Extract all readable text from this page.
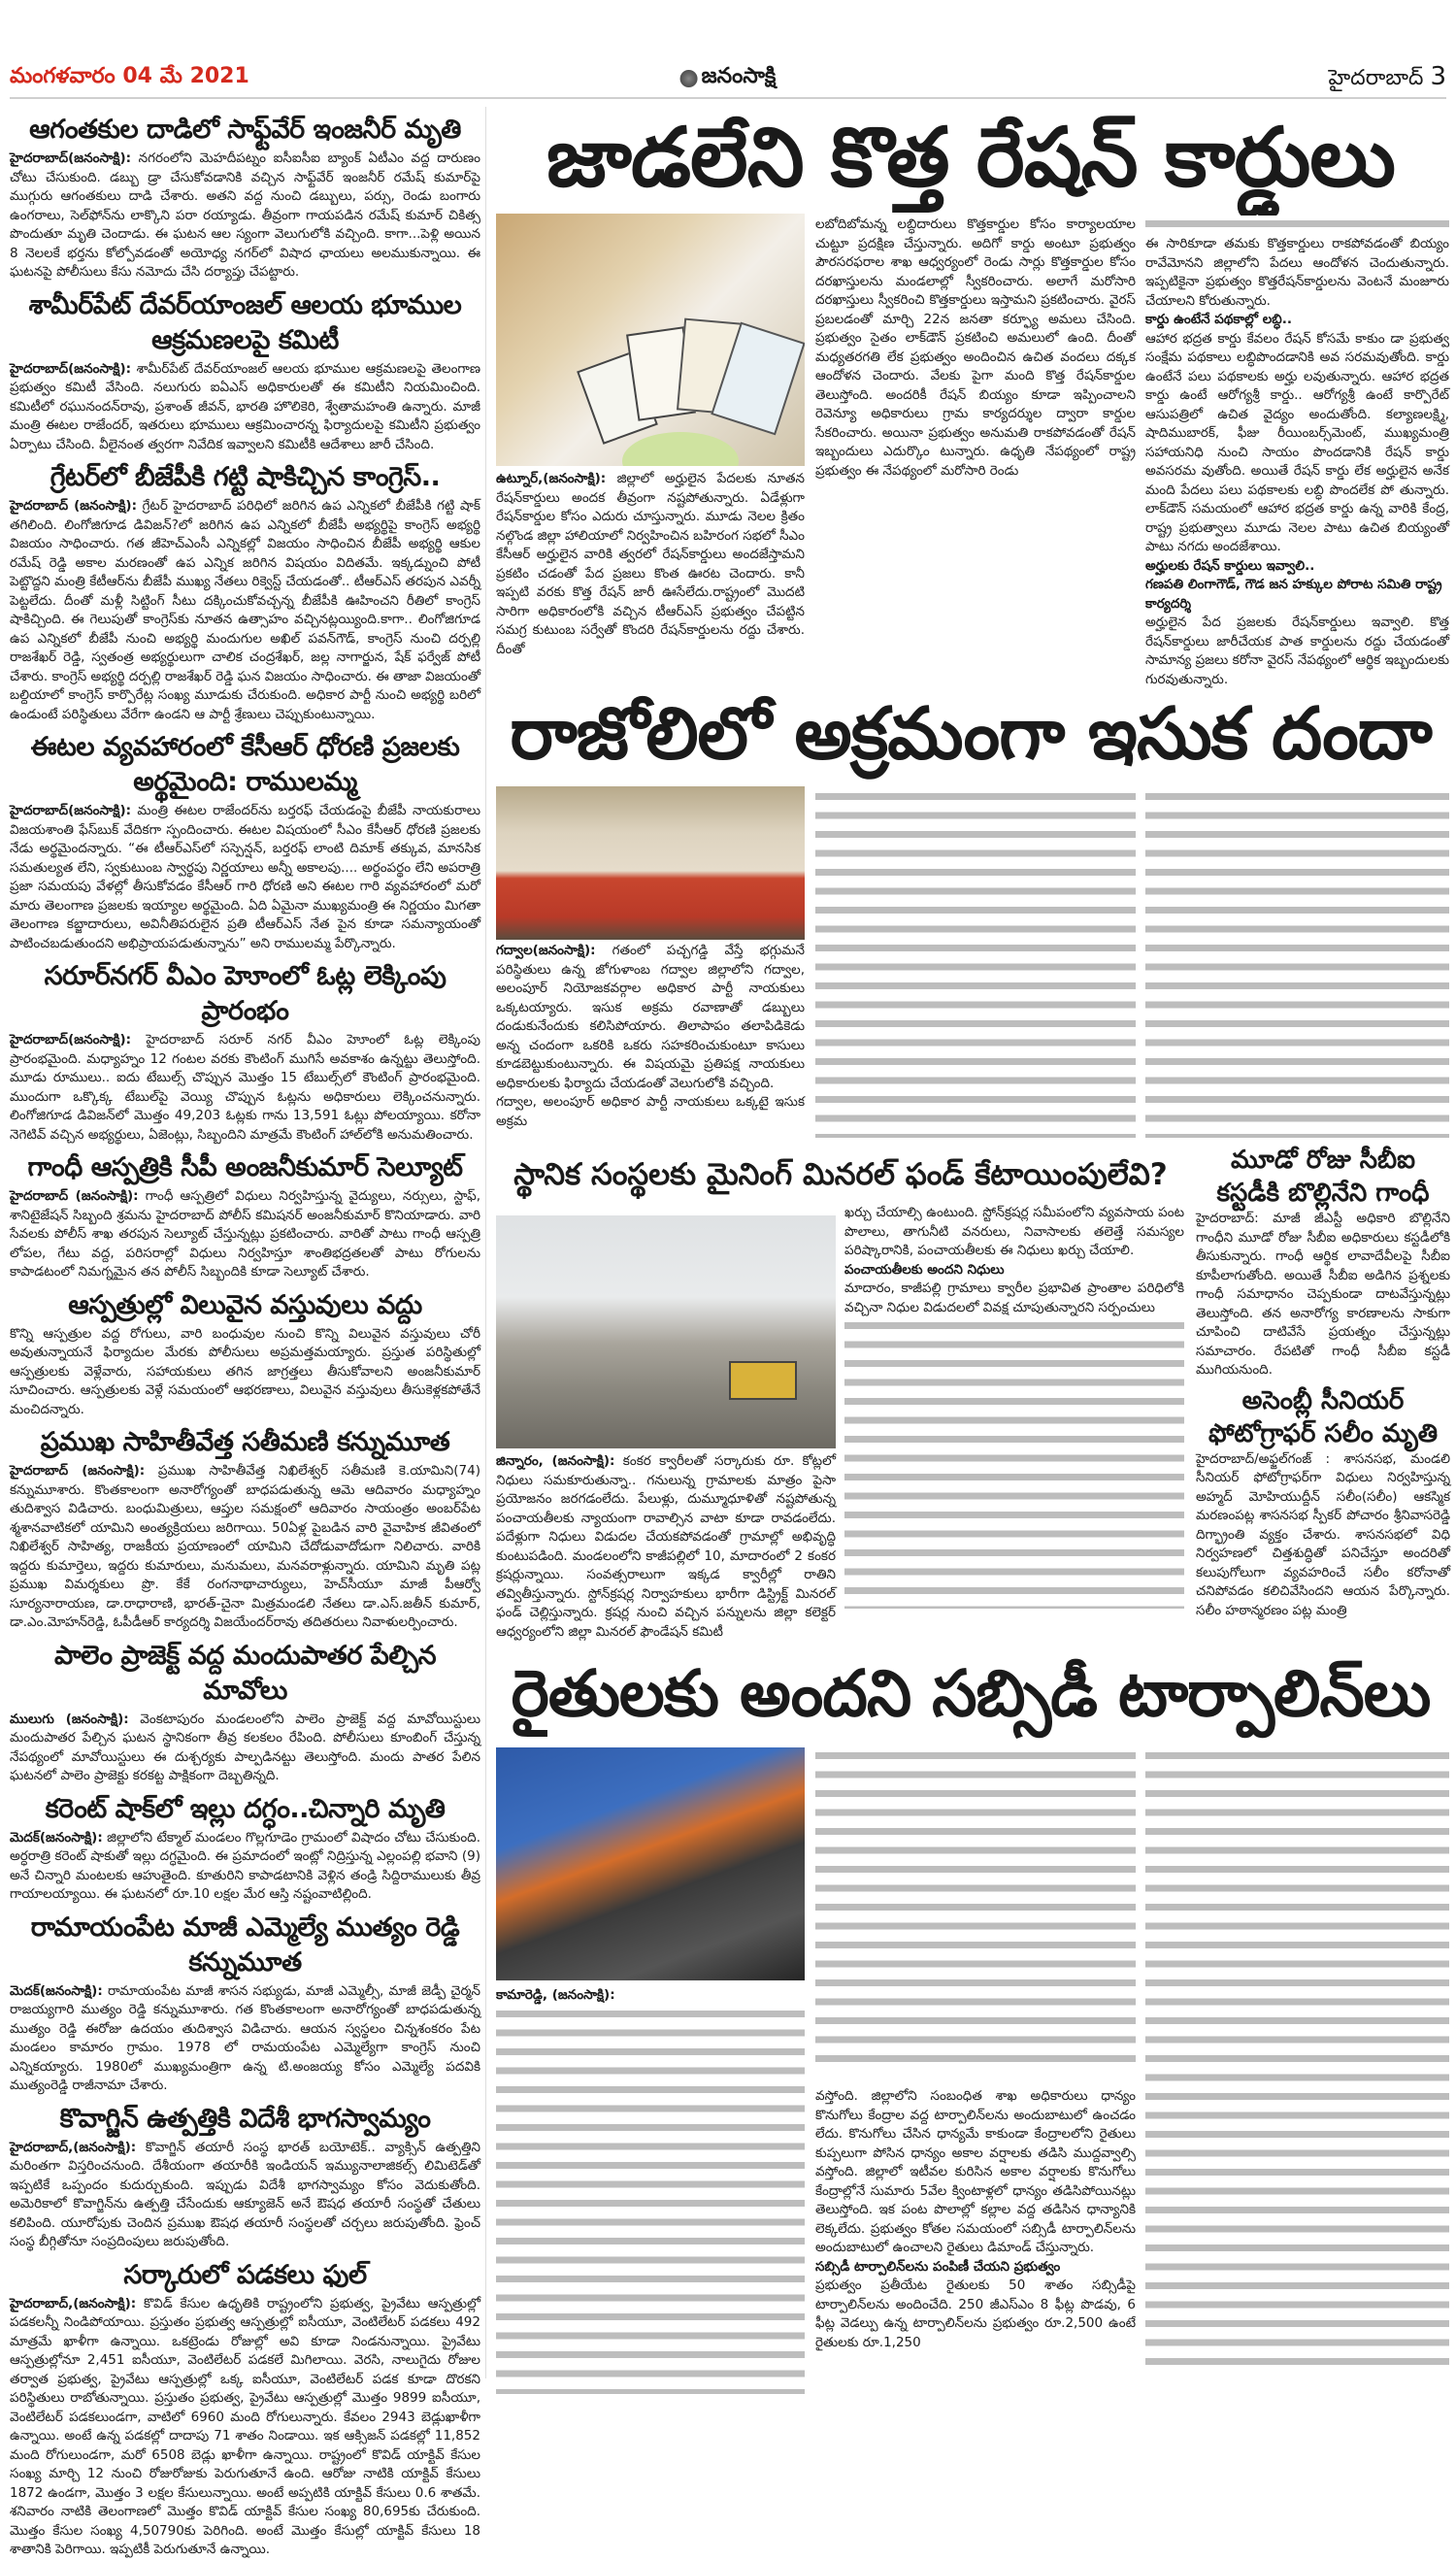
మంగళవారం 04 మే 2021	జనంసాక్షి	హైదరాబాద్ 3
ఆగంతకుల దాడిలో సాఫ్ట్‌వేర్ ఇంజనీర్ మృతి

హైదరాబాద్(జనంసాక్షి): నగరంలోని మెహదీపట్నం ఐసీఐసీఐ బ్యాంక్ ఏటీఎం వద్ద దారుణం చోటు చేసుకుంది. డబ్బు డ్రా చేసుకోవడానికి వచ్చిన సాఫ్ట్‌వేర్ ఇంజనీర్ రమేష్ కుమార్‌పై ముగ్గురు ఆగంతకులు దాడి చేశారు. అతని వద్ద నుంచి డబ్బులు, పర్సు, రెండు బంగారు ఉంగరాలు, సెల్‌ఫోన్‌ను లాక్కొని పరా రయ్యాడు. తీవ్రంగా గాయపడిన రమేష్ కుమార్ చికిత్స పొందుతూ మృతి చెందాడు. ఈ ఘటన ఆల స్యంగా వెలుగులోకి వచ్చింది. కాగా...పెళ్లి అయిన 8 నెలలకే భర్తను కోల్పోవడంతో అయోధ్య నగర్‌లో విషాద ఛాయలు అలముకున్నాయి. ఈ ఘటనపై పోలీసులు కేసు నమోదు చేసి దర్యాప్తు చేపట్టారు.

శామీర్‌పేట్ దేవర్‌యాంజల్ ఆలయ భూముల ఆక్రమణలపై కమిటీ

హైదరాబాద్(జనంసాక్షి): శామీర్‌పేట్ దేవర్‌యాంజల్ ఆలయ భూముల ఆక్రమణలపై తెలంగాణ ప్రభుత్వం కమిటీ వేసింది. నలుగురు ఐఏఎస్ అధికారులతో ఈ కమిటీని నియమించింది. కమిటీలో రఘునందన్‌రావు, ప్రశాంత్ జీవన్, భారతి హొలికెరి, శ్వేతామహంతి ఉన్నారు. మాజీ మంత్రి ఈటల రాజేందర్, ఇతరులు భూములు ఆక్రమించారన్న ఫిర్యాదులపై కమిటీని ప్రభుత్వం ఏర్పాటు చేసింది. వీలైనంత త్వరగా నివేదిక ఇవ్వాలని కమిటీకి ఆదేశాలు జారీ చేసింది.

గ్రేటర్‌లో బీజేపీకి గట్టి షాకిచ్చిన కాంగ్రెస్..

హైదరాబాద్ (జనంసాక్షి): గ్రేటర్ హైదరాబాద్ పరిధిలో జరిగిన ఉప ఎన్నికలో బీజేపీకి గట్టి షాక్ తగిలింది. లింగోజిగూడ డివిజన్?లో జరిగిన ఉప ఎన్నికలో బీజేపీ అభ్యర్థిపై కాంగ్రెస్ అభ్యర్థి విజయం సాధించారు. గత జీహెచ్‌ఎంసీ ఎన్నికల్లో విజయం సాధించిన బీజేపీ అభ్యర్థి ఆకుల రమేష్ రెడ్డి అకాల మరణంతో ఉప ఎన్నిక జరిగిన విషయం విదితమే. ఇక్కడ్నుంచి పోటీ పెట్టొద్దని మంత్రి కేటీఆర్‌ను బీజేపీ ముఖ్య నేతలు రిక్వెస్ట్ చేయడంతో.. టీఆర్ఎస్ తరపున ఎవర్నీ పెట్టలేదు. దీంతో మళ్లీ సిట్టింగ్ సీటు దక్కించుకోవచ్చన్న బీజేపీకి ఊహించని రీతిలో కాంగ్రెస్ షాకిచ్చింది. ఈ గెలుపుతో కాంగ్రెస్‌కు నూతన ఉత్సాహం వచ్చినట్లయ్యింది.కాగా.. లింగోజిగూడ ఉప ఎన్నికలో బీజేపీ నుంచి అభ్యర్థి మందుగుల అఖిల్ పవన్‌గౌడ్, కాంగ్రెస్ నుంచి దర్పల్లి రాజశేఖర్ రెడ్డి, స్వతంత్ర అభ్యర్థులుగా చాలిక చంద్రశేఖర్, జల్ల నాగార్జున, షేక్ ఫర్వేజ్ పోటీ చేశారు. కాంగ్రెస్ అభ్యర్థి దర్పల్లి రాజశేఖర్ రెడ్డి ఘన విజయం సాధించారు. ఈ తాజా విజయంతో బల్దియాలో కాంగ్రెస్ కార్పొరేట్ల సంఖ్య మూడుకు చేరుకుంది. అధికార పార్టీ నుంచి అభ్యర్థి బరిలో ఉండుంటే పరిస్థితులు వేరేగా ఉండని ఆ పార్టీ శ్రేణులు చెప్పుకుంటున్నాయి.

ఈటల వ్యవహారంలో కేసీఆర్ ధోరణి ప్రజలకు అర్థమైంది: రాములమ్మ

హైదరాబాద్(జనంసాక్షి): మంత్రి ఈటల రాజేందర్‌ను బర్తరఫ్ చేయడంపై బీజేపీ నాయకురాలు విజయశాంతి ఫేస్‌బుక్ వేదికగా స్పందించారు. ఈటల విషయంలో సీఎం కేసీఆర్ ధోరణి ప్రజలకు నేడు అర్థమైందన్నారు. “ఈ టీఆర్ఎస్‌లో సస్పెన్షన్, బర్తరఫ్ లాంటి దిమాక్ తక్కువ, మానసిక సమతుల్యత లేని, స్వకుటుంబ స్వార్థపు నిర్ణయాలు అన్నీ అకాలపు.... అర్థంపర్థం లేని అపరాత్రి ప్రజా సమయపు వేళల్లో తీసుకోవడం కేసీఆర్ గారి ధోరణి అని ఈటల గారి వ్యవహారంలో మరో మారు తెలంగాణ ప్రజలకు ఇయ్యాల అర్థమైంది. ఏది ఏమైనా ముఖ్యమంత్రి ఈ నిర్ణయం మిగతా తెలంగాణ కబ్జాదారులు, అవినీతిపరులైన ప్రతి టీఆర్ఎస్ నేత పైన కూడా సమన్యాయంతో పాటించబడుతుందని అభిప్రాయపడుతున్నాను” అని రాములమ్మ పేర్కొన్నారు.

సరూర్‌నగర్ వీఎం హెూంలో ఓట్ల లెక్కింపు ప్రారంభం

హైదరాబాద్(జనంసాక్షి): హైదరాబాద్ సరూర్ నగర్ వీఎం హెూంలో ఓట్ల లెక్కింపు ప్రారంభమైంది. మధ్యాహ్నం 12 గంటల వరకు కౌంటింగ్ ముగిసే అవకాశం ఉన్నట్టు తెలుస్తోంది. మూడు రూములు.. ఐదు టేబుల్స్ చొప్పున మొత్తం 15 టేబుల్స్‌లో కౌంటింగ్ ప్రారంభమైంది. ముందుగా ఒక్కొక్క టేబుల్‌పై వెయ్యి చొప్పున ఓట్లను అధికారులు లెక్కించనున్నారు. లింగోజిగూడ డివిజన్‌లో మొత్తం 49,203 ఓట్లకు గాను 13,591 ఓట్లు పోలయ్యాయి. కరోనా నెగెటివ్ వచ్చిన అభ్యర్థులు, ఏజెంట్లు, సిబ్బందిని మాత్రమే కౌంటింగ్ హాల్‌లోకి అనుమతించారు.

గాంధీ ఆస్పత్రికి సీపీ అంజనీకుమార్ సెల్యూట్

హైదరాబాద్ (జనంసాక్షి): గాంధీ ఆస్పత్రిలో విధులు నిర్వహిస్తున్న వైద్యులు, నర్సులు, స్టాఫ్, శానిటైజేషన్ సిబ్బంది శ్రమను హైదరాబాద్ పోలీస్ కమిషనర్ అంజనీకుమార్ కొనియాడారు. వారి సేవలకు పోలీస్ శాఖ తరపున సెల్యూట్ చేస్తున్నట్లు ప్రకటించారు. వారితో పాటు గాంధీ ఆస్పత్రి లోపల, గేటు వద్ద, పరిసరాల్లో విధులు నిర్వహిస్తూ శాంతిభద్రతలతో పాటు రోగులను కాపాడటంలో నిమగ్నమైన తన పోలీస్ సిబ్బందికి కూడా సెల్యూట్ చేశారు.

ఆస్పత్రుల్లో విలువైన వస్తువులు వద్దు

కొన్ని ఆస్పత్రుల వద్ద రోగులు, వారి బంధువుల నుంచి కొన్ని విలువైన వస్తువులు చోరీ అవుతున్నాయనే ఫిర్యాదుల మేరకు పోలీసులు అప్రమత్తమయ్యారు. ప్రస్తుత పరిస్థితుల్లో ఆస్పత్రులకు వెళ్లేవారు, సహాయకులు తగిన జాగ్రత్తలు తీసుకోవాలని అంజనీకుమార్ సూచించారు. ఆస్పత్రులకు వెళ్లే సమయంలో ఆభరణాలు, విలువైన వస్తువులు తీసుకెళ్లకపోతేనే మంచిదన్నారు.

ప్రముఖ సాహితీవేత్త సతీమణి కన్నుమూత

హైదరాబాద్ (జనంసాక్షి): ప్రముఖ సాహితీవేత్త నిఖిలేశ్వర్ సతీమణి కె.యామిని(74) కన్నుమూశారు. కొంతకాలంగా అనారోగ్యంతో బాధపడుతున్న ఆమె ఆదివారం మధ్యాహ్నం తుదిశ్వాస విడిచారు. బంధుమిత్రులు, ఆప్తుల సమక్షంలో ఆదివారం సాయంత్రం అంబర్‌పేట శ్మశానవాటికలో యామిని అంత్యక్రియలు జరిగాయి. 50ఏళ్ల పైబడిన వారి వైవాహిక జీవితంలో నిఖిలేశ్వర్ సాహిత్య, రాజకీయ ప్రయాణంలో యామిని చేదోడువాదోడుగా నిలిచారు. వారికి ఇద్దరు కుమార్తెలు, ఇద్దరు కుమారులు, మనుమలు, మనవరాళ్లున్నారు. యామిని మృతి పట్ల ప్రముఖ విమర్శకులు ప్రొ. కేకే రంగనాథాచార్యులు, హెచ్‌సీయూ మాజీ పీఆర్వో సూర్యనారాయణ, డా.రాధారాణి, భారత్-చైనా మిత్రమండలి నేతలు డా.ఎస్.జతీన్ కుమార్, డా.ఎం.మోహన్‌రెడ్డి, ఓపీడీఆర్ కార్యదర్శి విజయేందర్‌రావు తదితరులు నివాళులర్పించారు.

పాలెం ప్రాజెక్ట్ వద్ద మందుపాతర పేల్చిన మావోలు

ములుగు (జనంసాక్షి): వెంకటాపురం మండలంలోని పాలెం ప్రాజెక్ట్ వద్ద మావోయిస్టులు మందుపాతర పేల్చిన ఘటన స్థానికంగా తీవ్ర కలకలం రేపింది. పోలీసులు కూంబింగ్ చేస్తున్న నేపథ్యంలో మావోయిస్టులు ఈ దుశ్చర్యకు పాల్పడినట్టు తెలుస్తోంది. మందు పాతర పేలిన ఘటనలో పాలెం ప్రాజెక్టు కరకట్ట పాక్షికంగా దెబ్బతిన్నది.

కరెంట్ షాక్‌లో ఇల్లు దగ్ధం..చిన్నారి మృతి

మెదక్(జనంసాక్షి): జిల్లాలోని టేక్మాల్ మండలం గొల్లగూడెం గ్రామంలో విషాదం చోటు చేసుకుంది. అర్ధరాత్రి కరెంట్ షాకుతో ఇల్లు దగ్ధమైంది. ఈ ప్రమాదంలో ఇంట్లో నిద్రిస్తున్న ఎల్లంపల్లి భవాని (9) అనే చిన్నారి మంటలకు ఆహుతైంది. కూతురిని కాపాడటానికి వెళ్లిన తండ్రి సిద్దిరాములుకు తీవ్ర గాయాలయ్యాయి. ఈ ఘటనలో రూ.10 లక్షల మేర ఆస్తి నష్టంవాటిల్లింది.

రామాయంపేట మాజీ ఎమ్మెల్యే ముత్యం రెడ్డి కన్నుమూత

మెదక్(జనంసాక్షి): రామాయంపేట మాజీ శాసన సభ్యుడు, మాజీ ఎమ్మెల్సీ, మాజీ జెడ్పీ చైర్మన్ రాజయ్యగారి ముత్యం రెడ్డి కన్నుమూశారు. గత కొంతకాలంగా అనారోగ్యంతో బాధపడుతున్న ముత్యం రెడ్డి ఈరోజు ఉదయం తుదిశ్వాస విడిచారు. ఆయన స్వస్థలం చిన్నశంకరం పేట మండలం కామారం గ్రామం. 1978 లో రామయంపేట ఎమ్మెల్యేగా కాంగ్రెస్ నుంచి ఎన్నికయ్యారు. 1980లో ముఖ్యమంత్రిగా ఉన్న టి.అంజయ్య కోసం ఎమ్మెల్యే పదవికి ముత్యంరెడ్డి రాజీనామా చేశారు.

కొవాగ్జిన్ ఉత్పత్తికి విదేశీ భాగస్వామ్యం

హైదరాబాద్,(జనంసాక్షి): కొవాగ్జిన్ తయారీ సంస్థ భారత్ బయోటెక్.. వ్యాక్సిన్ ఉత్పత్తిని మరింతగా విస్తరించనుంది. దేశీయంగా తయారీకి ఇండియన్ ఇమ్యునాలాజికల్స్ లిమిటెడ్‌తో ఇప్పటికే ఒప్పందం కుదుర్చుకుంది. ఇప్పుడు విదేశీ భాగస్వామ్యం కోసం వెదుకుతోంది. అమెరికాలో కొవాగ్జిన్‌ను ఉత్పత్తి చేసేందుకు ఆక్యూజెన్ అనే ఔషధ తయారీ సంస్థతో చేతులు కలిపింది. యూరోపుకు చెందిన ప్రముఖ ఔషధ తయారీ సంస్థలతో చర్చలు జరుపుతోంది. ఫ్రెంచ్ సంస్థ బీగ్గితోనూ సంప్రదింపులు జరుపుతోంది.

సర్కారులో పడకలు ఫుల్

హైదరాబాద్,(జనంసాక్షి): కొవిడ్ కేసుల ఉధృతికి రాష్ట్రంలోని ప్రభుత్వ, ప్రైవేటు ఆస్పత్రుల్లో పడకలన్నీ నిండిపోయాయి. ప్రస్తుతం ప్రభుత్వ ఆస్పత్రుల్లో ఐసీయూ, వెంటిలేటర్ పడకలు 492 మాత్రమే ఖాళీగా ఉన్నాయి. ఒకట్రెండు రోజుల్లో అవి కూడా నిండనున్నాయి. ప్రైవేటు ఆస్పత్రుల్లోనూ 2,451 ఐసీయూ, వెంటిలేటర్ పడకలే మిగిలాయి. వెరసి, నాలుగైదు రోజుల తర్వాత ప్రభుత్వ, ప్రైవేటు ఆస్పత్రుల్లో ఒక్క ఐసీయూ, వెంటిలేటర్ పడక కూడా దొరకని పరిస్థితులు రాబోతున్నాయి. ప్రస్తుతం ప్రభుత్వ, ప్రైవేటు ఆస్పత్రుల్లో మొత్తం 9899 ఐసీయూ, వెంటిలేటర్ పడకలుండగా, వాటిలో 6960 మంది రోగులున్నారు. కేవలం 2943 బెడ్లుఖాళీగా ఉన్నాయి. అంటే ఉన్న పడకల్లో దాదాపు 71 శాతం నిండాయి. ఇక ఆక్సిజన్ పడకల్లో 11,852 మంది రోగులుండగా, మరో 6508 బెడ్లు ఖాళీగా ఉన్నాయి. రాష్ట్రంలో కొవిడ్ యాక్టివ్ కేసుల సంఖ్య మార్చి 12 నుంచి రోజురోజుకు పెరుగుతూనే ఉంది. ఆరోజు నాటికి యాక్టివ్ కేసులు 1872 ఉండగా, మొత్తం 3 లక్షల కేసులున్నాయి. అంటే అప్పటికి యాక్టివ్ కేసులు 0.6 శాతమే. శనివారం నాటికి తెలంగాణలో మొత్తం కొవిడ్ యాక్టివ్ కేసుల సంఖ్య 80,695కు చేరుకుంది. మొత్తం కేసుల సంఖ్య 4,50790కు పెరిగింది. అంటే మొత్తం కేసుల్లో యాక్టివ్ కేసులు 18 శాతానికి పెరిగాయి. ఇప్పటికీ పెరుగుతూనే ఉన్నాయి.

జాడలేని కొత్త రేషన్ కార్డులు

ఉట్నూర్,(జనంసాక్షి): జిల్లాలో అర్హులైన పేదలకు నూతన రేషన్‌కార్డులు అందక తీవ్రంగా నష్టపోతున్నారు. ఏడేళ్లుగా రేషన్‌కార్డుల కోసం ఎదురు చూస్తున్నారు. మూడు నెలల క్రితం నల్గొండ జిల్లా హాలియాలో నిర్వహించిన బహిరంగ సభలో సీఎం కేసీఆర్ అర్హులైన వారికి త్వరలో రేషన్‌కార్డులు అందజేస్తామని ప్రకటిం చడంతో పేద ప్రజలు కొంత ఊరట చెందారు. కానీ ఇప్పటి వరకు కొత్త రేషన్ జారీ ఊసేలేదు.రాష్ట్రంలో మొదటి సారిగా అధికారంలోకి వచ్చిన టీఆర్ఎస్ ప్రభుత్వం చేపట్టిన సమగ్ర కుటుంబ సర్వేతో కొందరి రేషన్‌కార్డులను రద్దు చేశారు. దీంతో

లబోదిబోమన్న లబ్ధిదారులు కొత్తకార్డుల కోసం కార్యాలయాల చుట్టూ ప్రదక్షిణ చేస్తున్నారు. అదిగో కార్డు అంటూ ప్రభుత్వం పౌరసరఫరాల శాఖ ఆధ్వర్యంలో రెండు సార్లు కొత్తకార్డుల కోసం దరఖాస్తులను మండలాల్లో స్వీకరించారు. అలాగే మరోసారి దరఖాస్తులు స్వీకరించి కొత్తకార్డులు ఇస్తామని ప్రకటించారు. వైరస్ ప్రబలడంతో మార్చి 22న జనతా కర్ఫ్యూ అమలు చేసింది. ప్రభుత్వం సైతం లాక్‌డౌన్ ప్రకటించి అమలులో ఉంది. దీంతో మధ్యతరగతి లేక ప్రభుత్వం అందించిన ఉచిత వందలు దక్కక ఆందోళన చెందారు. వేలకు పైగా మంది కొత్త రేషన్‌కార్డుల తెలుస్తోంది. అందరికీ రేషన్ బియ్యం కూడా ఇప్పించాలని రెవెన్యూ అధికారులు గ్రామ కార్యదర్శుల ద్వారా కార్డుల సేకరించారు. అయినా ప్రభుత్వం అనుమతి రాకపోవడంతో రేషన్ ఇబ్బందులు ఎదుర్కొం టున్నారు. ఉధృతి నేపథ్యంలో రాష్ట్ర ప్రభుత్వం ఈ నేపథ్యంలో మరోసారి రెండు

ఈ సారికూడా తమకు కొత్తకార్డులు రాకపోవడంతో బియ్యం రావేమోనని జిల్లాలోని పేదలు ఆందోళన చెందుతున్నారు. ఇప్పటికైనా ప్రభుత్వం కొత్తరేషన్‌కార్డులను వెంటనే మంజూరు చేయాలని కోరుతున్నారు.

కార్డు ఉంటేనే పథకాల్లో లబ్ధి..

ఆహార భద్రత కార్డు కేవలం రేషన్ కోసమే కాకుం డా ప్రభుత్వ సంక్షేమ పథకాలు లబ్ధిపొందడానికి అవ సరమవుతోంది. కార్డు ఉంటేనే పలు పథకాలకు అర్హు లవుతున్నారు. ఆహార భద్రత కార్డు ఉంటే ఆరోగ్యశ్రీ కార్డు.. ఆరోగ్యశ్రీ ఉంటే కార్పొరేట్ ఆసుపత్రిలో ఉచిత వైద్యం అందుతోంది. కల్యాణలక్ష్మి, షాదిముబారక్, ఫీజు రీయింబర్స్‌మెంట్, ముఖ్యమంత్రి సహాయనిధి నుంచి సాయం పొందడానికి రేషన్ కార్డు అవసరమ వుతోంది. అయితే రేషన్ కార్డు లేక అర్హులైన అనేక మంది పేదలు పలు పథకాలకు లబ్ధి పొందలేక పో తున్నారు. లాక్‌డౌన్ సమయంలో ఆహార భద్రత కార్డు ఉన్న వారికి కేంద్ర, రాష్ట్ర ప్రభుత్వాలు మూడు నెలల పాటు ఉచిత బియ్యంతో పాటు నగదు అందజేశాయి.

అర్హులకు రేషన్ కార్డులు ఇవ్వాలి..
గణపతి లింగాగౌడ్, గౌడ జన హక్కుల పోరాట సమితి రాష్ట్ర కార్యదర్శి

అర్హులైన పేద ప్రజలకు రేషన్‌కార్డులు ఇవ్వాలి. కొత్త రేషన్‌కార్డులు జారీచేయక పాత కార్డులను రద్దు చేయడంతో సామాన్య ప్రజలు కరోనా వైరస్ నేపథ్యంలో ఆర్థిక ఇబ్బందులకు గురవుతున్నారు.

రాజోలిలో అక్రమంగా ఇసుక దందా

గద్వాల(జనంసాక్షి): గతంలో పచ్చగడ్డి వేస్తే భగ్గుమనే పరిస్థితులు ఉన్న జోగుళాంబ గద్వాల జిల్లాలోని గద్వాల, అలంపూర్ నియోజకవర్గాల అధికార పార్టీ నాయకులు ఒక్కటయ్యారు. ఇసుక అక్రమ రవాణాతో డబ్బులు దండుకునేందుకు కలిసిపోయారు. తిలాపాపం తలాపిడికెడు అన్న చందంగా ఒకరికి ఒకరు సహకరించుకుంటూ కాసులు కూడబెట్టుకుంటున్నారు. ఈ విషయమై ప్రతిపక్ష నాయకులు అధికారులకు ఫిర్యాదు చేయడంతో వెలుగులోకి వచ్చింది.
గద్వాల, అలంపూర్ అధికార పార్టీ నాయకులు ఒక్కటై ఇసుక అక్రమ

స్థానిక సంస్థలకు మైనింగ్ మినరల్ ఫండ్ కేటాయింపులేవి?

జిన్నారం, (జనంసాక్షి): కంకర క్వారీలతో సర్కారుకు రూ. కోట్లలో నిధులు సమకూరుతున్నా.. గనులున్న గ్రామాలకు మాత్రం పైసా ప్రయోజనం జరగడంలేదు. పేలుళ్లు, దుమ్మూధూళితో నష్టపోతున్న పంచాయతీలకు న్యాయంగా రావాల్సిన వాటా కూడా రావడంలేదు. పదేళ్లుగా నిధులు విడుదల చేయకపోవడంతో గ్రామాల్లో అభివృద్ధి కుంటుపడింది. మండలంలోని కాజీపల్లిలో 10, మాదారంలో 2 కంకర క్రషర్లున్నాయి. సంవత్సరాలుగా ఇక్కడ క్వారీల్లో రాతిని తవ్వితీస్తున్నారు. స్టోన్‌క్రషర్ల నిర్వాహకులు భారీగా డిస్ట్రిక్ట్ మినరల్ ఫండ్ చెల్లిస్తున్నారు. క్రషర్ల నుంచి వచ్చిన పన్నులను జిల్లా కలెక్టర్ ఆధ్వర్యంలోని జిల్లా మినరల్ ఫౌండేషన్ కమిటీ

ఖర్చు చేయాల్సి ఉంటుంది. స్టోన్‌క్రషర్ల సమీపంలోని వ్యవసాయ పంట పొలాలు, తాగునీటి వనరులు, నివాసాలకు తలెత్తే సమస్యల పరిష్కారానికి, పంచాయతీలకు ఈ నిధులు ఖర్చు చేయాలి.

పంచాయతీలకు అందని నిధులు

మాదారం, కాజీపల్లి గ్రామాలు క్వారీల ప్రభావిత ప్రాంతాల పరిధిలోకి వచ్చినా నిధుల విడుదలలో వివక్ష చూపుతున్నారని సర్పంచులు

మూడో రోజు సీబీఐ కస్టడీకి బొల్లినేని గాంధీ

హైదరాబాద్: మాజీ జీఎస్టీ అధికారి బొల్లినేని గాంధీని మూడో రోజు సీబీఐ అధికారులు కస్టడీలోకి తీసుకున్నారు. గాంధీ ఆర్థిక లావాదేవీలపై సీబీఐ కూపీలాగుతోంది. అయితే సీబీఐ అడిగిన ప్రశ్నలకు గాంధీ సమాధానం చెప్పకుండా దాటవేస్తున్నట్లు తెలుస్తోంది. తన అనారోగ్య కారణాలను సాకుగా చూపించి దాటివేసే ప్రయత్నం చేస్తున్నట్లు సమాచారం. రేపటితో గాంధీ సీబీఐ కస్టడీ ముగియనుంది.

అసెంబ్లీ సీనియర్ ఫోటోగ్రాఫర్ సలీం మృతి

హైదరాబాద్/అఫ్జల్‌గంజ్ : శాసనసభ, మండలి సీనియర్ ఫోటోగ్రాఫర్‌గా విధులు నిర్వహిస్తున్న అహ్మద్ మోహియుద్దీన్ సలీం(సలీం) ఆకస్మిక మరణంపట్ల శాసనసభ స్పీకర్ పోచారం శ్రీనివాసరెడ్డి దిగ్భ్రాంతి వ్యక్తం చేశారు. శాసనసభలో విధి నిర్వహణలో చిత్తశుద్ధితో పనిచేస్తూ అందరితో కలుపుగోలుగా వ్యవహరించే సలీం కరోనాతో చనిపోవడం కలిచివేసిందని ఆయన పేర్కొన్నారు. సలీం హఠాన్మరణం పట్ల మంత్రి

రైతులకు అందని సబ్సిడీ టార్పాలిన్‌లు
కామారెడ్డి, (జనంసాక్షి):

వస్తోంది. జిల్లాలోని సంబంధిత శాఖ అధికారులు ధాన్యం కొనుగోలు కేంద్రాల వద్ద టార్పాలిన్‌లను అందుబాటులో ఉంచడం లేదు. కొనుగోలు చేసిన ధాన్యమే కాకుండా కేంద్రాలలోని రైతులు కుప్పలుగా పోసిన ధాన్యం అకాల వర్షాలకు తడిసి ముద్దవ్వాల్సి వస్తోంది. జిల్లాలో ఇటీవల కురిసిన అకాల వర్షాలకు కొనుగోలు కేంద్రాల్లోనే సుమారు 5వేల క్వింటాళ్లలో ధాన్యం తడిసిపోయినట్లు తెలుస్తోంది. ఇక పంట పొలాల్లో కల్లాల వద్ద తడిసిన ధాన్యానికి లెక్కలేదు. ప్రభుత్వం కోతల సమయంలో సబ్సిడీ టార్పాలిన్‌లను అందుబాటులో ఉంచాలని రైతులు డిమాండ్ చేస్తున్నారు.

సబ్సిడీ టార్పాలిన్‌లను పంపిణీ చేయని ప్రభుత్వం

ప్రభుత్వం ప్రతీయేట రైతులకు 50 శాతం సబ్సిడీపై టార్పాలిన్‌లను అందించేది. 250 జీఎస్‌ఎం 8 ఫీట్ల పొడవు, 6 ఫీట్ల వెడల్పు ఉన్న టార్పాలిన్‌లను ప్రభుత్వం రూ.2,500 ఉంటే రైతులకు రూ.1,250
